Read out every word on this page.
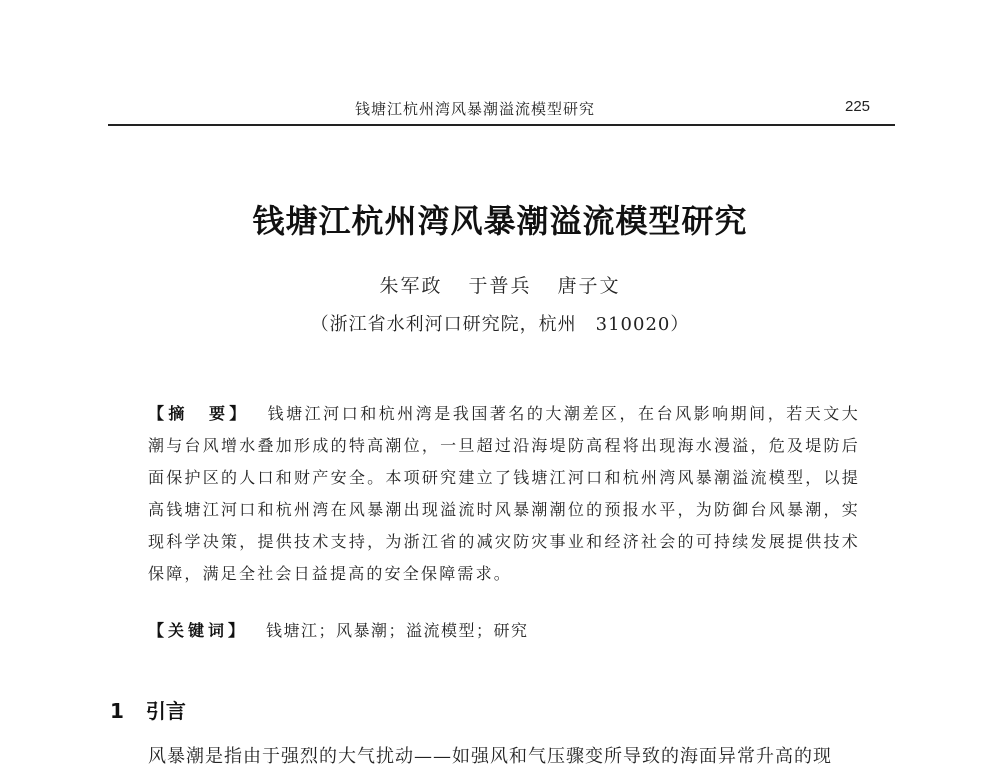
钱塘江杭州湾风暴潮溢流模型研究	225
钱塘江杭州湾风暴潮溢流模型研究
朱军政 于普兵 唐子文
（浙江省水利河口研究院，杭州　310020）
【摘　要】 钱塘江河口和杭州湾是我国著名的大潮差区，在台风影响期间，若天文大潮与台风增水叠加形成的特高潮位，一旦超过沿海堤防高程将出现海水漫溢，危及堤防后面保护区的人口和财产安全。本项研究建立了钱塘江河口和杭州湾风暴潮溢流模型，以提高钱塘江河口和杭州湾在风暴潮出现溢流时风暴潮潮位的预报水平，为防御台风暴潮，实现科学决策，提供技术支持，为浙江省的减灾防灾事业和经济社会的可持续发展提供技术保障，满足全社会日益提高的安全保障需求。
【关键词】 钱塘江；风暴潮；溢流模型；研究
1 引言
风暴潮是指由于强烈的大气扰动——如强风和气压骤变所导致的海面异常升高的现
